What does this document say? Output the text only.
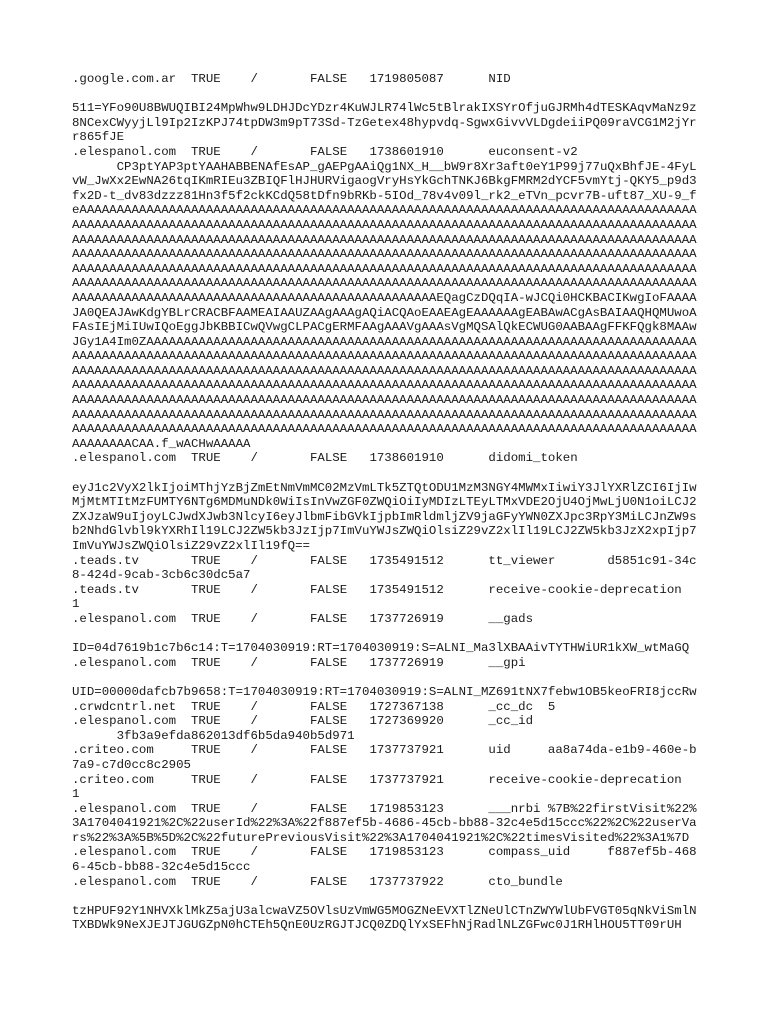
.google.com.ar	TRUE	/	FALSE	1719805087	NID

511=YFo90U8BWUQIBI24MpWhw9LDHJDcYDzr4KuWJLR74lWc5tBlrakIXSYrOfjuGJRMh4dTESKAqvMaNz9z8NCexCWyyjLl9Ip2IzKPJ74tpDW3m9pT73Sd-TzGetex48hypvdq-SgwxGivvVLDgdeiiPQ09raVCG1M2jYrr865fJE
.elespanol.com	TRUE	/	FALSE	1738601910	euconsent-v2
CP3ptYAP3ptYAAHABBENAfEsAP_gAEPgAAiQg1NX_H__bW9r8Xr3aft0eY1P99j77uQxBhfJE-4FyLvW_JwXx2EwNA26tqIKmRIEu3ZBIQFlHJHURVigaogVryHsYkGchTNKJ6BkgFMRM2dYCF5vmYtj-QKY5_p9d3fx2D-t_dv83dzzz81Hn3f5f2ckKCdQ58tDfn9bRKb-5IOd_78v4v09l_rk2_eTVn_pcvr7B-uft87_XU-9_feAAAAAAAAAAAAAAAAAAAAAAAAAAAAAAAAAAAAAAAAAAAAAAAAAAAAAAAAAAAAAAAAAAAAAAAAAAAAAAAAAAAAAAAAAAAAAAAAAAAAAAAAAAAAAAAAAAAAAAAAAAAAAAAAAAAAAAAAAAAAAAAAAAAAAAAAAAAAAAAAAAAAAAAAAAAAAAAAAAAAAAAAAAAAAAAAAAAAAAAAAAAAAAAAAAAAAAAAAAAAAAAAAAAAAAAAAAAAAAAAAAAAAAAAAAAAAAAAAAAAAAAAAAAAAAAAAAAAAAAAAAAAAAAAAAAAAAAAAAAAAAAAAAAAAAAAAAAAAAAAAAAAAAAAAAAAAAAAAAAAAAAAAAAAAAAAAAAAAAAAAAAAAAAAAAAAAAAAAAAAAAAAAAAAAAAAAAAAAAAAAAAAAAAAAAAAAAAAAAAAAAAAAAAAAAAAAAAAAAAAAAAAAAAAAAAAAAAAAAAAAAAAAAAAAAAAAAAAAAAAAAAAAAAAAAAAAAAAAAAAAAAAAAAAAAAAAAAAAAAAAAAAAAAAAAAAAAAAAAAAAAAAAAAAAAAAEQagCzDQqIA-wJCQi0HCKBACIKwgIoFAAAAJA0QEAJAwKdgYBLrCRACBFAAMEAIAAUZAAgAAAgAQiACQAoEAAEAgEAAAAAAgEABAwACgAsBAIAAQHQMUwoAFAsIEjMiIUwIQoEggJbKBBICwQVwgCLPACgERMFAAgAAAVgAAAsVgMQSAlQkECWUG0AABAAgFFKFQgk8MAAwJGy1A4Im0ZAAAAAAAAAAAAAAAAAAAAAAAAAAAAAAAAAAAAAAAAAAAAAAAAAAAAAAAAAAAAAAAAAAAAAAAAAAAAAAAAAAAAAAAAAAAAAAAAAAAAAAAAAAAAAAAAAAAAAAAAAAAAAAAAAAAAAAAAAAAAAAAAAAAAAAAAAAAAAAAAAAAAAAAAAAAAAAAAAAAAAAAAAAAAAAAAAAAAAAAAAAAAAAAAAAAAAAAAAAAAAAAAAAAAAAAAAAAAAAAAAAAAAAAAAAAAAAAAAAAAAAAAAAAAAAAAAAAAAAAAAAAAAAAAAAAAAAAAAAAAAAAAAAAAAAAAAAAAAAAAAAAAAAAAAAAAAAAAAAAAAAAAAAAAAAAAAAAAAAAAAAAAAAAAAAAAAAAAAAAAAAAAAAAAAAAAAAAAAAAAAAAAAAAAAAAAAAAAAAAAAAAAAAAAAAAAAAAAAAAAAAAAAAAAAAAAAAAAAAAAAAAAAAAAAAAAAAAAAAAAAAAAAAAAAAAAAAAAAAAAAAAAAAAAAAAAAAAAAAAAAAAAAAAAAAAAAAAAAAAAAAAAAAAAAAAAAAAAAAAAAAAAAAAAAAAAAAAAAAAAAAAAAACAA.f_wACHwAAAAA
.elespanol.com	TRUE	/	FALSE	1738601910	didomi_token

eyJ1c2VyX2lkIjoiMThjYzBjZmEtNmVmMC02MzVmLTk5ZTQtODU1MzM3NGY4MWMxIiwiY3JlYXRlZCI6IjIwMjMtMTItMzFUMTY6NTg6MDMuNDk0WiIsInVwZGF0ZWQiOiIyMDIzLTEyLTMxVDE2OjU4OjMwLjU0N1oiLCJ2ZXJzaW9uIjoyLCJwdXJwb3NlcyI6eyJlbmFibGVkIjpbImRldmljZV9jaGFyYWN0ZXJpc3RpY3MiLCJnZW9sb2NhdGlvbl9kYXRhIl19LCJ2ZW5kb3JzIjp7ImVuYWJsZWQiOlsiZ29vZ2xlIl19LCJ2ZW5kb3JzX2xpIjp7ImVuYWJsZWQiOlsiZ29vZ2xlIl19fQ==
.teads.tv	TRUE	/	FALSE	1735491512	tt_viewer	d5851c91-34c8-424d-9cab-3cb6c30dc5a7
.teads.tv	TRUE	/	FALSE	1735491512	receive-cookie-deprecation	1
.elespanol.com	TRUE	/	FALSE	1737726919	__gads

ID=04d7619b1c7b6c14:T=1704030919:RT=1704030919:S=ALNI_Ma3lXBAAivTYTHWiUR1kXW_wtMaGQ
.elespanol.com	TRUE	/	FALSE	1737726919	__gpi

UID=00000dafcb7b9658:T=1704030919:RT=1704030919:S=ALNI_MZ691tNX7febw1OB5keoFRI8jccRw
.crwdcntrl.net	TRUE	/	FALSE	1727367138	_cc_dc	5
.elespanol.com	TRUE	/	FALSE	1727369920	_cc_id
3fb3a9efda862013df6b5da940b5d971
.criteo.com	TRUE	/	FALSE	1737737921	uid	aa8a74da-e1b9-460e-b7a9-c7d0cc8c2905
.criteo.com	TRUE	/	FALSE	1737737921	receive-cookie-deprecation	1
.elespanol.com	TRUE	/	FALSE	1719853123	___nrbi	%7B%22firstVisit%22%3A1704041921%2C%22userId%22%3A%22f887ef5b-4686-45cb-bb88-32c4e5d15ccc%22%2C%22userVars%22%3A%5B%5D%2C%22futurePreviousVisit%22%3A1704041921%2C%22timesVisited%22%3A1%7D
.elespanol.com	TRUE	/	FALSE	1719853123	compass_uid	f887ef5b-4686-45cb-bb88-32c4e5d15ccc
.elespanol.com	TRUE	/	FALSE	1737737922	cto_bundle

tzHPUF92Y1NHVXklMkZ5ajU3alcwaVZ5OVlsUzVmWG5MOGZNeEVXTlZNeUlCTnZWYWlUbFVGT05qNkViSmlNTXBDWk9NeXJEJTJGUGZpN0hCTEh5QnE0UzRGJTJCQ0ZDQlYxSEFhNjRadlNLZGFwc0J1RHlHOU5TT09rUH
